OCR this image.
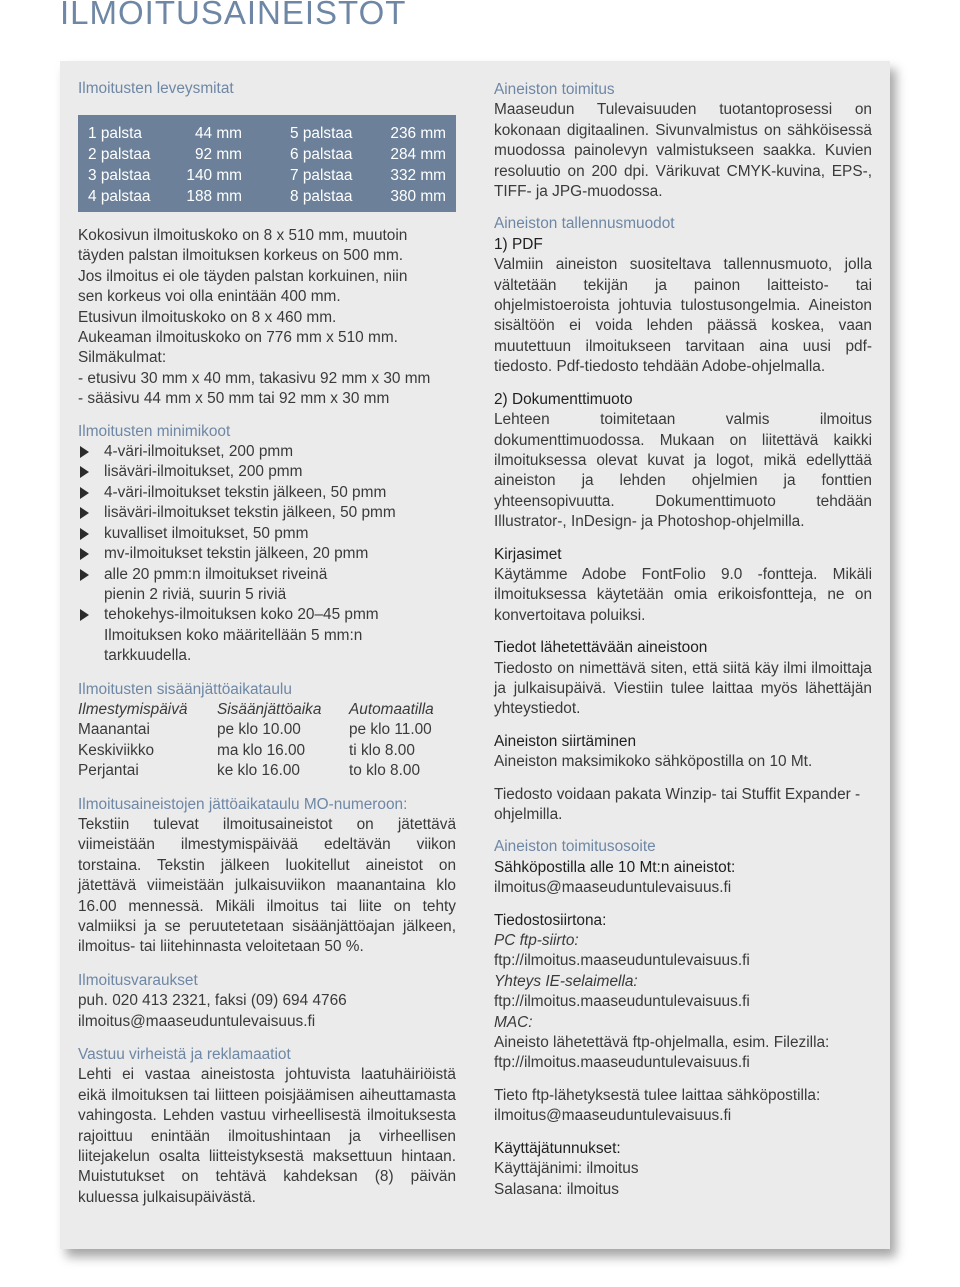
ILMOITUSAINEISTOT

Ilmoitusten leveysmitat

1 palsta	44 mm	5 palstaa 236 mm
2 palstaa	92 mm	6 palstaa 284 mm
3 palstaa 140 mm	7 palstaa 332 mm
4 palstaa 188 mm	8 palstaa 380 mm

Kokosivun ilmoituskoko on 8 x 510 mm, muutoin

täyden palstan ilmoituksen korkeus on 500 mm.

Jos ilmoitus ei ole täyden palstan korkuinen, niin

sen korkeus voi olla enintään 400 mm.

Etusivun ilmoituskoko on 8 x 460 mm.

Aukeaman ilmoituskoko on 776 mm x 510 mm.

Silmäkulmat:

- etusivu 30 mm x 40 mm, takasivu 92 mm x 30 mm

- sääsivu 44 mm x 50 mm tai 92 mm x 30 mm

Ilmoitusten minimikoot

4-väri-ilmoitukset, 200 pmm
lisäväri-ilmoitukset, 200 pmm
4-väri-ilmoitukset tekstin jälkeen, 50 pmm
lisäväri-ilmoitukset tekstin jälkeen, 50 pmm
kuvalliset ilmoitukset, 50 pmm
mv-ilmoitukset tekstin jälkeen, 20 pmm
alle 20 pmm:n ilmoitukset riveinä
pienin 2 riviä, suurin 5 riviä
tehokehys-ilmoituksen koko 20–45 pmm
Ilmoituksen koko määritellään 5 mm:n
tarkkuudella.

Ilmoitusten sisäänjättöaikataulu

Ilmestymispäivä Sisäänjättöaika Automaatilla
Maanantai	pe klo 10.00	pe klo 11.00
Keskiviikko	ma klo 16.00	ti klo 8.00
Perjantai	ke klo 16.00	to klo 8.00

Ilmoitusaineistojen jättöaikataulu MO-numeroon:

Tekstiin tulevat ilmoitusaineistot on jätettävä viimeistään ilmestymispäivää edeltävän viikon torstaina. Tekstin jälkeen luokitellut aineistot on jätettävä viimeistään julkaisuviikon maanantaina klo 16.00 mennessä. Mikäli ilmoitus tai liite on tehty valmiiksi ja se peruutetetaan sisäänjättöajan jälkeen, ilmoitus- tai liitehinnasta veloitetaan 50 %.

Ilmoitusvaraukset

puh. 020 413 2321, faksi (09) 694 4766

ilmoitus@maaseuduntulevaisuus.fi

Vastuu virheistä ja reklamaatiot

Lehti ei vastaa aineistosta johtuvista laatuhäiriöistä eikä ilmoituksen tai liitteen poisjäämisen aiheuttamasta vahingosta. Lehden vastuu virheellisestä ilmoituksesta rajoittuu enintään ilmoitushintaan ja virheellisen liitejakelun osalta liitteistyksestä maksettuun hintaan. Muistutukset on tehtävä kahdeksan (8) päivän kuluessa julkaisupäivästä.

Aineiston toimitus

Maaseudun Tulevaisuuden tuotantoprosessi on kokonaan digitaalinen. Sivunvalmistus on sähköisessä muodossa painolevyn valmistukseen saakka. Kuvien resoluutio on 200 dpi. Värikuvat CMYK-kuvina, EPS-, TIFF- ja JPG-muodossa.

Aineiston tallennusmuodot

1) PDF

Valmiin aineiston suositeltava tallennusmuoto, jolla vältetään tekijän ja painon laitteisto- tai ohjelmistoeroista johtuvia tulostusongelmia. Aineiston sisältöön ei voida lehden päässä koskea, vaan muutettuun ilmoitukseen tarvitaan aina uusi pdf-tiedosto. Pdf-tiedosto tehdään Adobe-ohjelmalla.

2) Dokumenttimuoto

Lehteen toimitetaan valmis ilmoitus dokumenttimuodossa. Mukaan on liitettävä kaikki ilmoituksessa olevat kuvat ja logot, mikä edellyttää aineiston ja lehden ohjelmien ja fonttien yhteensopivuutta. Dokumenttimuoto tehdään Illustrator-, InDesign- ja Photoshop-ohjelmilla.

Kirjasimet

Käytämme Adobe FontFolio 9.0 -fontteja. Mikäli ilmoituksessa käytetään omia erikoisfontteja, ne on konvertoitava poluiksi.

Tiedot lähetettävään aineistoon

Tiedosto on nimettävä siten, että siitä käy ilmi ilmoittaja ja julkaisupäivä. Viestiin tulee laittaa myös lähettäjän yhteystiedot.

Aineiston siirtäminen

Aineiston maksimikoko sähköpostilla on 10 Mt.

Tiedosto voidaan pakata Winzip- tai Stuffit Expander -ohjelmilla.

Aineiston toimitusosoite

Sähköpostilla alle 10 Mt:n aineistot:

ilmoitus@maaseuduntulevaisuus.fi

Tiedostosiirtona:

PC ftp-siirto:

ftp://ilmoitus.maaseuduntulevaisuus.fi

Yhteys IE-selaimella:

ftp://ilmoitus.maaseuduntulevaisuus.fi

MAC:

Aineisto lähetettävä ftp-ohjelmalla, esim. Filezilla:

ftp://ilmoitus.maaseuduntulevaisuus.fi

Tieto ftp-lähetyksestä tulee laittaa sähköpostilla:

ilmoitus@maaseuduntulevaisuus.fi

Käyttäjätunnukset:

Käyttäjänimi: ilmoitus

Salasana: ilmoitus
